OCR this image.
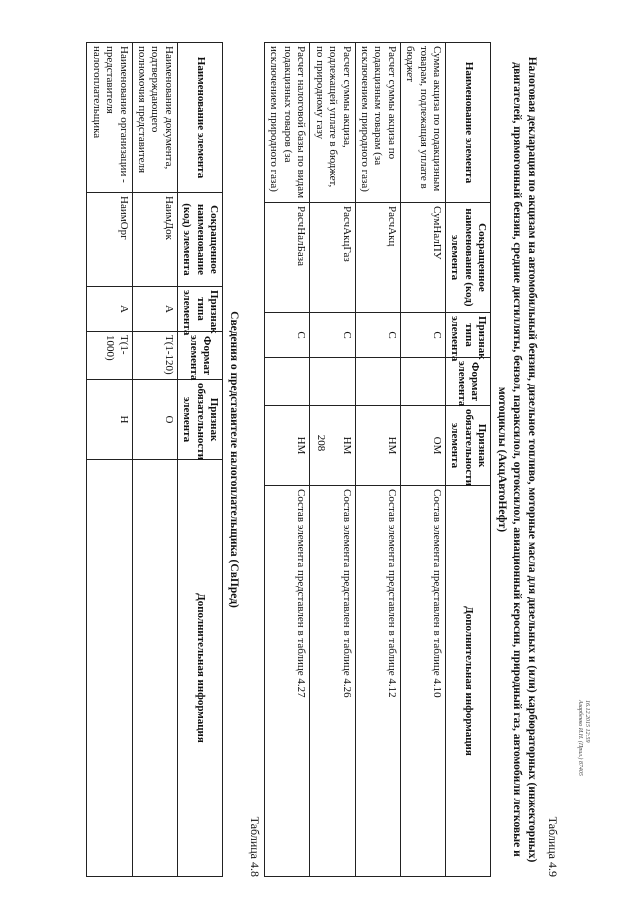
208
Таблица 4.8
Сведения о представителе налогоплательщика (СвПред)
Наименование элемента	Сокращенное наименование (код) элемента	Признак типа элемента	Формат элемента	Признак обязательности элемента	Дополнительная информация
Наименование документа, подтверждающего полномочия представителя	НаимДок	А	T(1-120)	О	
Наименование организации - представителя налогоплательщика	НаимОрг	А	T(1-1000)	Н	
Таблица 4.9
Налоговая декларация по акцизам на автомобильный бензин, дизельное топливо, моторные масла для дизельных и (или) карбюраторных (инжекторных) двигателей, прямогонный бензин, средние дистилляты, бензол, параксилол, ортоксилол, авиационный керосин, природный газ, автомобили легковые и мотоциклы (АкцАвтоНефт)
Наименование элемента	Сокращенное наименование (код) элемента	Признак типа элемента	Формат элемента	Признак обязательности элемента	Дополнительная информация
Сумма акциза по подакцизным товарам, подлежащая уплате в бюджет	СумНалПУ	С		ОМ	Состав элемента представлен в таблице 4.10
Расчет суммы акциза по подакцизным товарам (за исключением природного газа)	РасчАкц	С		НМ	Состав элемента представлен в таблице 4.12
Расчет суммы акциза, подлежащей уплате в бюджет, по природному газу	РасчАкцГаз	С		НМ	Состав элемента представлен в таблице 4.26
Расчет налоговой базы по видам подакцизных товаров (за исключением природного газа)	РасчНалБаза	С		НМ	Состав элемента представлен в таблице 4.27
16.12.2015 12:59
Азарбенко И.Н. (Прил.) 87405
